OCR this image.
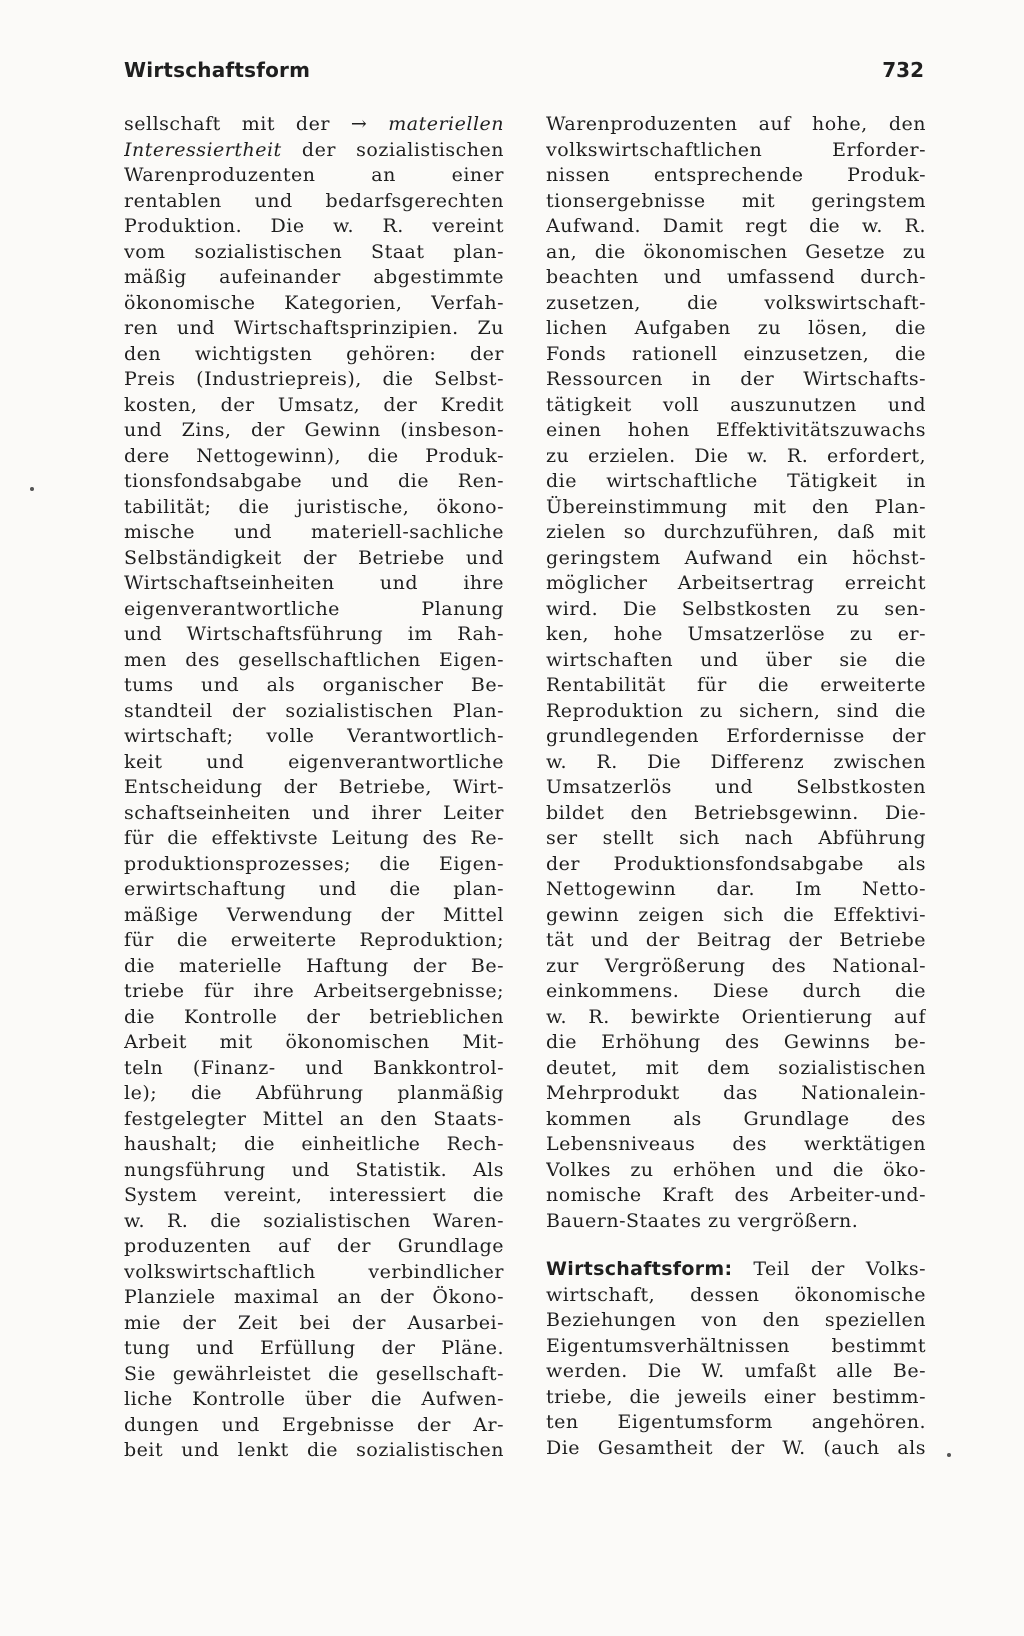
Wirtschaftsform	732
sellschaft mit der → materiellen
Interessiertheit der sozialistischen
Warenproduzenten an einer
rentablen und bedarfsgerechten
Produktion. Die w. R. vereint
vom sozialistischen Staat plan-
mäßig aufeinander abgestimmte
ökonomische Kategorien, Verfah-
ren und Wirtschaftsprinzipien. Zu
den wichtigsten gehören: der
Preis (Industriepreis), die Selbst-
kosten, der Umsatz, der Kredit
und Zins, der Gewinn (insbeson-
dere Nettogewinn), die Produk-
tionsfondsabgabe und die Ren-
tabilität; die juristische, ökono-
mische und materiell-sachliche
Selbständigkeit der Betriebe und
Wirtschaftseinheiten und ihre
eigenverantwortliche Planung
und Wirtschaftsführung im Rah-
men des gesellschaftlichen Eigen-
tums und als organischer Be-
standteil der sozialistischen Plan-
wirtschaft; volle Verantwortlich-
keit und eigenverantwortliche
Entscheidung der Betriebe, Wirt-
schaftseinheiten und ihrer Leiter
für die effektivste Leitung des Re-
produktionsprozesses; die Eigen-
erwirtschaftung und die plan-
mäßige Verwendung der Mittel
für die erweiterte Reproduktion;
die materielle Haftung der Be-
triebe für ihre Arbeitsergebnisse;
die Kontrolle der betrieblichen
Arbeit mit ökonomischen Mit-
teln (Finanz- und Bankkontrol-
le); die Abführung planmäßig
festgelegter Mittel an den Staats-
haushalt; die einheitliche Rech-
nungsführung und Statistik. Als
System vereint, interessiert die
w. R. die sozialistischen Waren-
produzenten auf der Grundlage
volkswirtschaftlich verbindlicher
Planziele maximal an der Ökono-
mie der Zeit bei der Ausarbei-
tung und Erfüllung der Pläne.
Sie gewährleistet die gesellschaft-
liche Kontrolle über die Aufwen-
dungen und Ergebnisse der Ar-
beit und lenkt die sozialistischen
Warenproduzenten auf hohe, den
volkswirtschaftlichen Erforder-
nissen entsprechende Produk-
tionsergebnisse mit geringstem
Aufwand. Damit regt die w. R.
an, die ökonomischen Gesetze zu
beachten und umfassend durch-
zusetzen, die volkswirtschaft-
lichen Aufgaben zu lösen, die
Fonds rationell einzusetzen, die
Ressourcen in der Wirtschafts-
tätigkeit voll auszunutzen und
einen hohen Effektivitätszuwachs
zu erzielen. Die w. R. erfordert,
die wirtschaftliche Tätigkeit in
Übereinstimmung mit den Plan-
zielen so durchzuführen, daß mit
geringstem Aufwand ein höchst-
möglicher Arbeitsertrag erreicht
wird. Die Selbstkosten zu sen-
ken, hohe Umsatzerlöse zu er-
wirtschaften und über sie die
Rentabilität für die erweiterte
Reproduktion zu sichern, sind die
grundlegenden Erfordernisse der
w. R. Die Differenz zwischen
Umsatzerlös und Selbstkosten
bildet den Betriebsgewinn. Die-
ser stellt sich nach Abführung
der Produktionsfondsabgabe als
Nettogewinn dar. Im Netto-
gewinn zeigen sich die Effektivi-
tät und der Beitrag der Betriebe
zur Vergrößerung des National-
einkommens. Diese durch die
w. R. bewirkte Orientierung auf
die Erhöhung des Gewinns be-
deutet, mit dem sozialistischen
Mehrprodukt das Nationalein-
kommen als Grundlage des
Lebensniveaus des werktätigen
Volkes zu erhöhen und die öko-
nomische Kraft des Arbeiter-und-
Bauern-Staates zu vergrößern.
Wirtschaftsform: Teil der Volks-
wirtschaft, dessen ökonomische
Beziehungen von den speziellen
Eigentumsverhältnissen bestimmt
werden. Die W. umfaßt alle Be-
triebe, die jeweils einer bestimm-
ten Eigentumsform angehören.
Die Gesamtheit der W. (auch als
